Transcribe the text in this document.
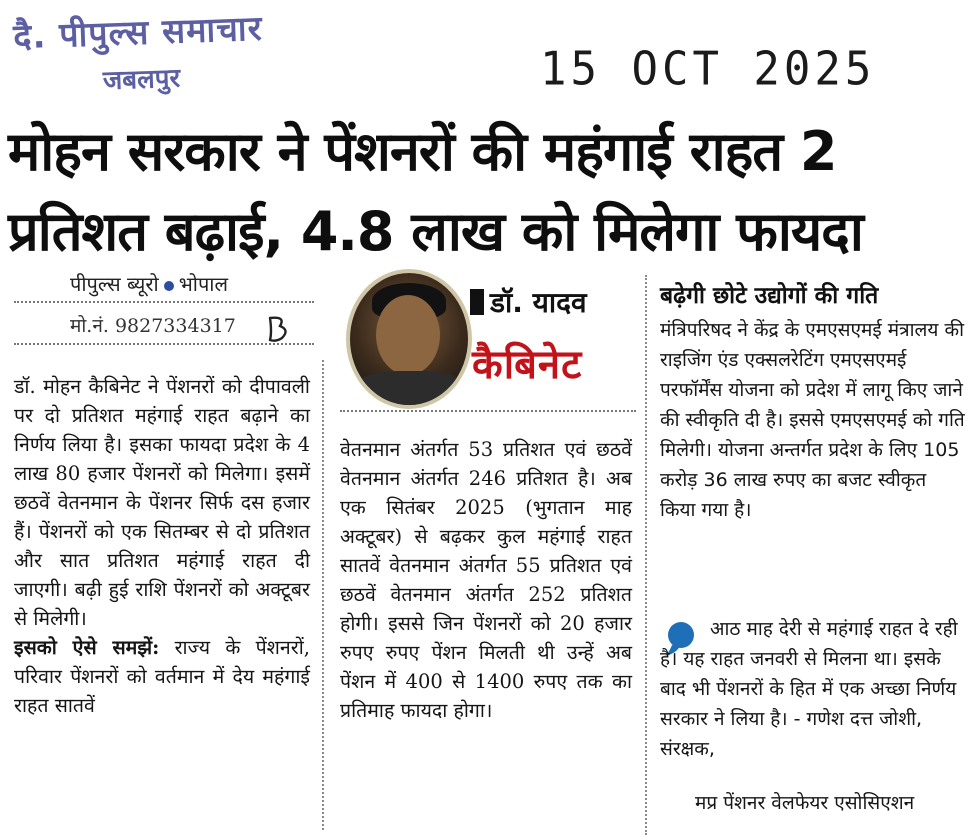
दै. पीपुल्स समाचार
जबलपुर	15 OCT 2025
मोहन सरकार ने पेंशनरों की महंगाई राहत 2 प्रतिशत बढ़ाई, 4.8 लाख को मिलेगा फायदा
पीपुल्स ब्यूरो भोपाल
मो.नं. 9827334317

डॉ. मोहन कैबिनेट ने पेंशनरों को दीपावली पर दो प्रतिशत महंगाई राहत बढ़ाने का निर्णय लिया है। इसका फायदा प्रदेश के 4 लाख 80 हजार पेंशनरों को मिलेगा। इसमें छठवें वेतनमान के पेंशनर सिर्फ दस हजार हैं। पेंशनरों को एक सितम्बर से दो प्रतिशत और सात प्रतिशत महंगाई राहत दी जाएगी। बढ़ी हुई राशि पेंशनरों को अक्टूबर से मिलेगी।

इसको ऐसे समझें: राज्य के पेंशनरों, परिवार पेंशनरों को वर्तमान में देय महंगाई राहत सातवें

डॉ. यादव
कैबिनेट

वेतनमान अंतर्गत 53 प्रतिशत एवं छठवें वेतनमान अंतर्गत 246 प्रतिशत है। अब एक सितंबर 2025 (भुगतान माह अक्टूबर) से बढ़कर कुल महंगाई राहत सातवें वेतनमान अंतर्गत 55 प्रतिशत एवं छठवें वेतनमान अंतर्गत 252 प्रतिशत होगी। इससे जिन पेंशनरों को 20 हजार रुपए रुपए पेंशन मिलती थी उन्हें अब पेंशन में 400 से 1400 रुपए तक का प्रतिमाह फायदा होगा।

बढ़ेगी छोटे उद्योगों की गति

मंत्रिपरिषद ने केंद्र के एमएसएमई मंत्रालय की राइजिंग एंड एक्सलरेटिंग एमएसएमई परफॉर्मेंस योजना को प्रदेश में लागू किए जाने की स्वीकृति दी है। इससे एमएसएमई को गति मिलेगी। योजना अन्तर्गत प्रदेश के लिए 105 करोड़ 36 लाख रुपए का बजट स्वीकृत किया गया है।

आठ माह देरी से महंगाई राहत दे रही है। यह राहत जनवरी से मिलना था। इसके बाद भी पेंशनरों के हित में एक अच्छा निर्णय सरकार ने लिया है। - गणेश दत्त जोशी, संरक्षक,

मप्र पेंशनर वेलफेयर एसोसिएशन
